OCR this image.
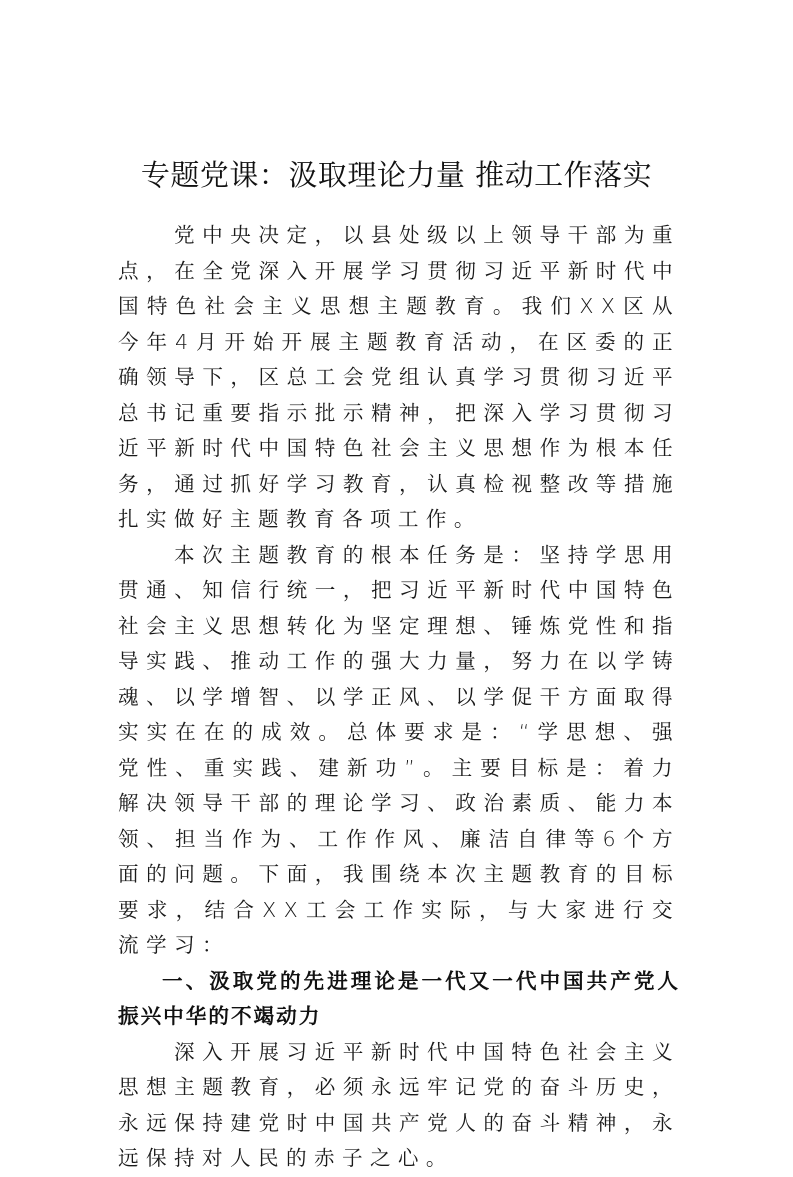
专题党课：汲取理论力量 推动工作落实

党中央决定，以县处级以上领导干部为重点，在全党深入开展学习贯彻习近平新时代中国特色社会主义思想主题教育。我们XX区从今年4月开始开展主题教育活动，在区委的正确领导下，区总工会党组认真学习贯彻习近平总书记重要指示批示精神，把深入学习贯彻习近平新时代中国特色社会主义思想作为根本任务，通过抓好学习教育，认真检视整改等措施扎实做好主题教育各项工作。

本次主题教育的根本任务是：坚持学思用贯通、知信行统一，把习近平新时代中国特色社会主义思想转化为坚定理想、锤炼党性和指导实践、推动工作的强大力量，努力在以学铸魂、以学增智、以学正风、以学促干方面取得实实在在的成效。总体要求是：“学思想、强党性、重实践、建新功”。主要目标是：着力解决领导干部的理论学习、政治素质、能力本领、担当作为、工作作风、廉洁自律等6个方面的问题。下面，我围绕本次主题教育的目标要求，结合XX工会工作实际，与大家进行交流学习：

一、汲取党的先进理论是一代又一代中国共产党人振兴中华的不竭动力

深入开展习近平新时代中国特色社会主义思想主题教育，必须永远牢记党的奋斗历史，永远保持建党时中国共产党人的奋斗精神，永远保持对人民的赤子之心。
